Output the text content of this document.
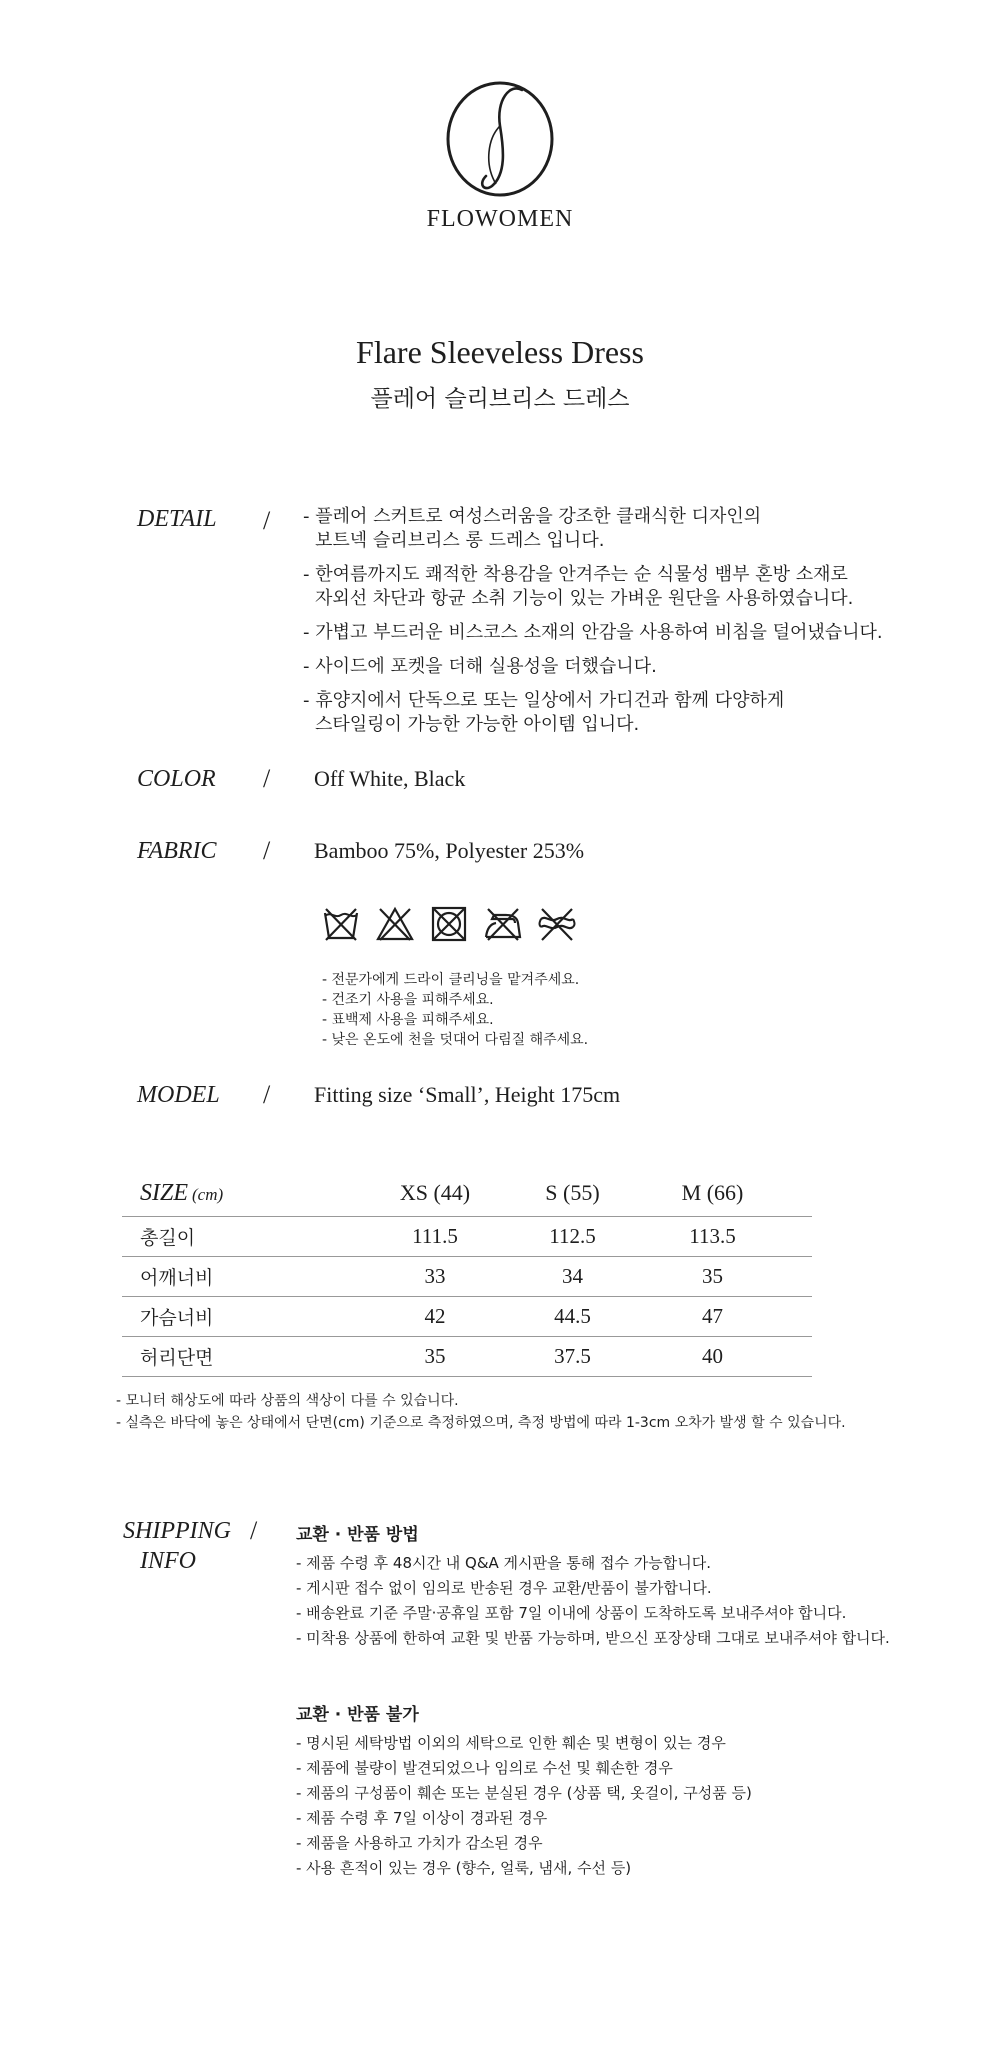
FLOWOMEN
Flare Sleeveless Dress
플레어 슬리브리스 드레스
DETAIL / - 플레어 스커트로 여성스러움을 강조한 클래식한 디자인의
보트넥 슬리브리스 롱 드레스 입니다.
- 한여름까지도 쾌적한 착용감을 안겨주는 순 식물성 뱀부 혼방 소재로
자외선 차단과 항균 소취 기능이 있는 가벼운 원단을 사용하였습니다.
- 가볍고 부드러운 비스코스 소재의 안감을 사용하여 비침을 덜어냈습니다.
- 사이드에 포켓을 더해 실용성을 더했습니다.
- 휴양지에서 단독으로 또는 일상에서 가디건과 함께 다양하게
스타일링이 가능한 가능한 아이템 입니다.
COLOR / Off White, Black
FABRIC / Bamboo 75%, Polyester 253%
- 전문가에게 드라이 클리닝을 맡겨주세요.
- 건조기 사용을 피해주세요.
- 표백제 사용을 피해주세요.
- 낮은 온도에 천을 덧대어 다림질 해주세요.
MODEL / Fitting size ‘Small’, Height 175cm
SIZE (cm)	XS (44)	S (55)	M (66)
총길이	111.5	112.5	113.5
어깨너비	33	34	35
가슴너비	42	44.5	47
허리단면	35	37.5	40
- 모니터 해상도에 따라 상품의 색상이 다를 수 있습니다.
- 실측은 바닥에 놓은 상태에서 단면(cm) 기준으로 측정하였으며, 측정 방법에 따라 1-3cm 오차가 발생 할 수 있습니다.
SHIPPING /
INFO
교환 · 반품 방법
- 제품 수령 후 48시간 내 Q&A 게시판을 통해 접수 가능합니다.
- 게시판 접수 없이 임의로 반송된 경우 교환/반품이 불가합니다.
- 배송완료 기준 주말·공휴일 포함 7일 이내에 상품이 도착하도록 보내주셔야 합니다.
- 미착용 상품에 한하여 교환 및 반품 가능하며, 받으신 포장상태 그대로 보내주셔야 합니다.
교환 · 반품 불가
- 명시된 세탁방법 이외의 세탁으로 인한 훼손 및 변형이 있는 경우
- 제품에 불량이 발견되었으나 임의로 수선 및 훼손한 경우
- 제품의 구성품이 훼손 또는 분실된 경우 (상품 택, 옷걸이, 구성품 등)
- 제품 수령 후 7일 이상이 경과된 경우
- 제품을 사용하고 가치가 감소된 경우
- 사용 흔적이 있는 경우 (향수, 얼룩, 냄새, 수선 등)
